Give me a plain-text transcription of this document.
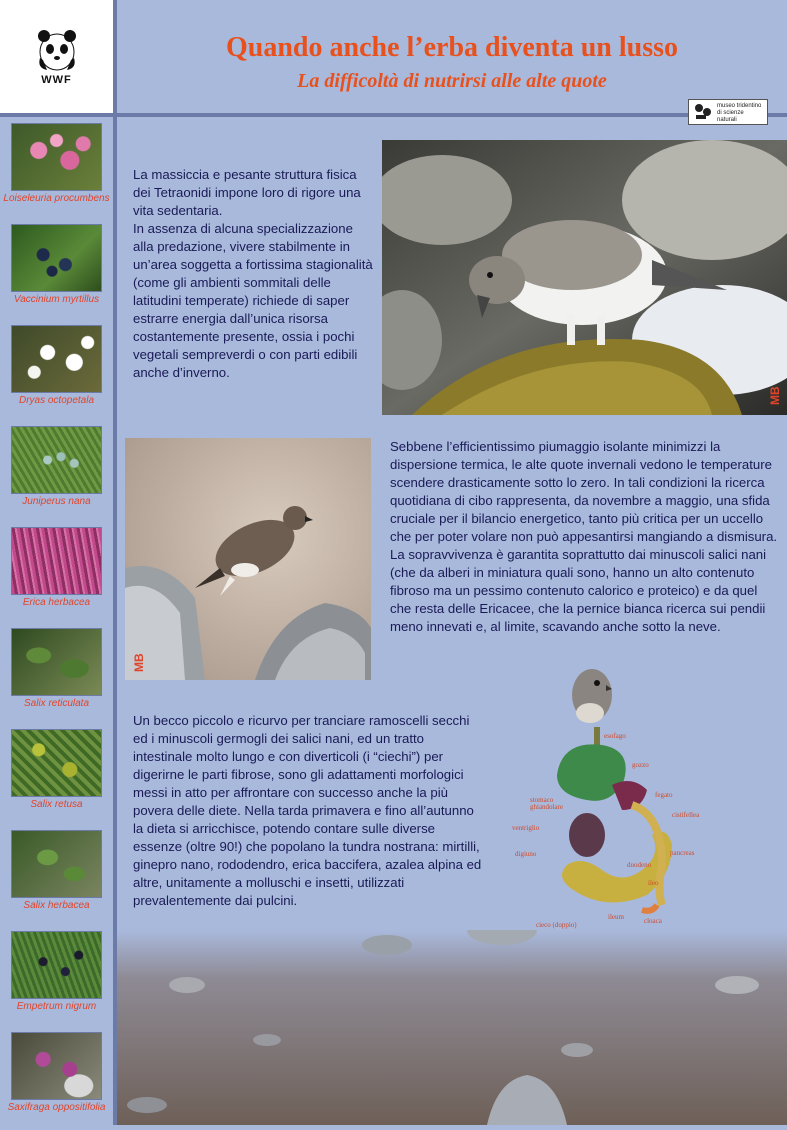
WWF
Quando anche l’erba diventa un lusso
La difficoltà di nutrirsi alle alte quote
museo tridentino
di scienze naturali
Loiseleuria procumbens
Vaccinium myrtillus
Dryas octopetala
Juniperus nana
Erica herbacea
Salix reticulata
Salix retusa
Salix herbacea
Empetrum nigrum
Saxifraga oppositifolia

La massiccia e pesante struttura fisica dei Tetraonidi impone loro di rigore una vita sedentaria.
In assenza di alcuna specializzazione alla predazione, vivere stabilmente in un’area soggetta a fortissima stagionalità (come gli ambienti sommitali delle latitudini temperate) richiede di saper estrarre energia dall’unica risorsa costantemente presente, ossia i pochi vegetali sempreverdi o con parti edibili anche d’inverno.

MB
MB

Sebbene l’efficientissimo piumaggio isolante minimizzi la dispersione termica, le alte quote invernali vedono le temperature scendere drasticamente sotto lo zero. In tali condizioni la ricerca quotidiana di cibo rappresenta, da novembre a maggio, una sfida cruciale per il bilancio energetico, tanto più critica per un uccello che per poter volare non può appesantirsi mangiando a dismisura.
La sopravvivenza è garantita soprattutto dai minuscoli salici nani (che da alberi in miniatura quali sono, hanno un alto contenuto fibroso ma un pessimo contenuto calorico e proteico) e da quel che resta delle Ericacee, che la pernice bianca ricerca sui pendii meno innevati e, al limite, scavando anche sotto la neve.

Un becco piccolo e ricurvo per tranciare ramoscelli secchi ed i minuscoli germogli dei salici nani, ed un tratto intestinale molto lungo e con diverticoli (i “ciechi”) per digerirne le parti fibrose, sono gli adattamenti morfologici messi in atto per affrontare con successo anche la più povera delle diete. Nella tarda primavera e fino all’autunno la dieta si arricchisce, potendo contare sulle diverse essenze (oltre 90!) che popolano la tundra nostrana: mirtilli, ginepro nano, rododendro, erica baccifera, azalea alpina ed altre, unitamente a molluschi e insetti, utilizzati prevalentemente dai pulcini.

esofago
gozzo
fegato
stomaco ghiandolare
cistifellea
ventriglio
digiuno	pancreas
duodeno
ileo
ileum	cloaca
cieco (doppio)
